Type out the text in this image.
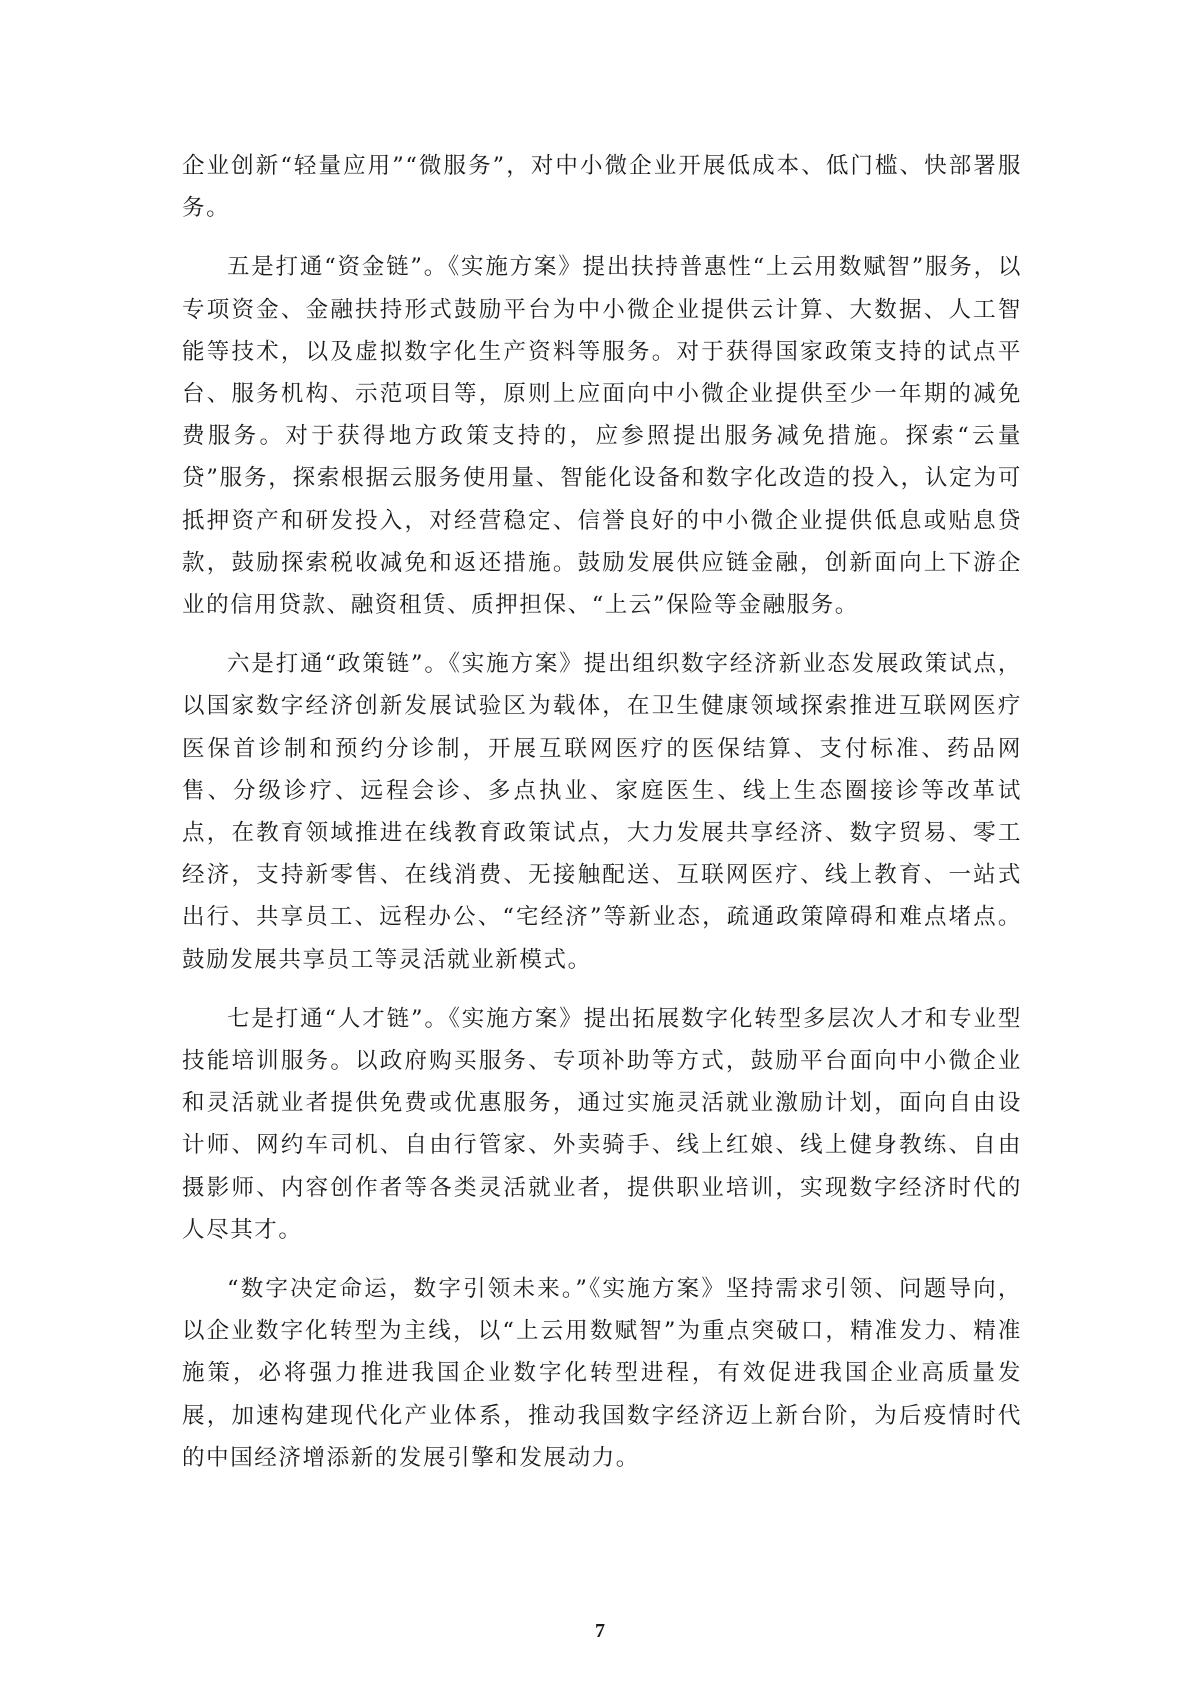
企业创新“轻量应用”“微服务”，对中小微企业开展低成本、低门槛、快部署服务。

五是打通“资金链”。《实施方案》提出扶持普惠性“上云用数赋智”服务，以专项资金、金融扶持形式鼓励平台为中小微企业提供云计算、大数据、人工智能等技术，以及虚拟数字化生产资料等服务。对于获得国家政策支持的试点平台、服务机构、示范项目等，原则上应面向中小微企业提供至少一年期的减免费服务。对于获得地方政策支持的，应参照提出服务减免措施。探索“云量贷”服务，探索根据云服务使用量、智能化设备和数字化改造的投入，认定为可抵押资产和研发投入，对经营稳定、信誉良好的中小微企业提供低息或贴息贷款，鼓励探索税收减免和返还措施。鼓励发展供应链金融，创新面向上下游企业的信用贷款、融资租赁、质押担保、“上云”保险等金融服务。

六是打通“政策链”。《实施方案》提出组织数字经济新业态发展政策试点，以国家数字经济创新发展试验区为载体，在卫生健康领域探索推进互联网医疗医保首诊制和预约分诊制，开展互联网医疗的医保结算、支付标准、药品网售、分级诊疗、远程会诊、多点执业、家庭医生、线上生态圈接诊等改革试点，在教育领域推进在线教育政策试点，大力发展共享经济、数字贸易、零工经济，支持新零售、在线消费、无接触配送、互联网医疗、线上教育、一站式出行、共享员工、远程办公、“宅经济”等新业态，疏通政策障碍和难点堵点。鼓励发展共享员工等灵活就业新模式。

七是打通“人才链”。《实施方案》提出拓展数字化转型多层次人才和专业型技能培训服务。以政府购买服务、专项补助等方式，鼓励平台面向中小微企业和灵活就业者提供免费或优惠服务，通过实施灵活就业激励计划，面向自由设计师、网约车司机、自由行管家、外卖骑手、线上红娘、线上健身教练、自由摄影师、内容创作者等各类灵活就业者，提供职业培训，实现数字经济时代的人尽其才。

“数字决定命运，数字引领未来。”《实施方案》坚持需求引领、问题导向，以企业数字化转型为主线，以“上云用数赋智”为重点突破口，精准发力、精准施策，必将强力推进我国企业数字化转型进程，有效促进我国企业高质量发展，加速构建现代化产业体系，推动我国数字经济迈上新台阶，为后疫情时代的中国经济增添新的发展引擎和发展动力。

7
